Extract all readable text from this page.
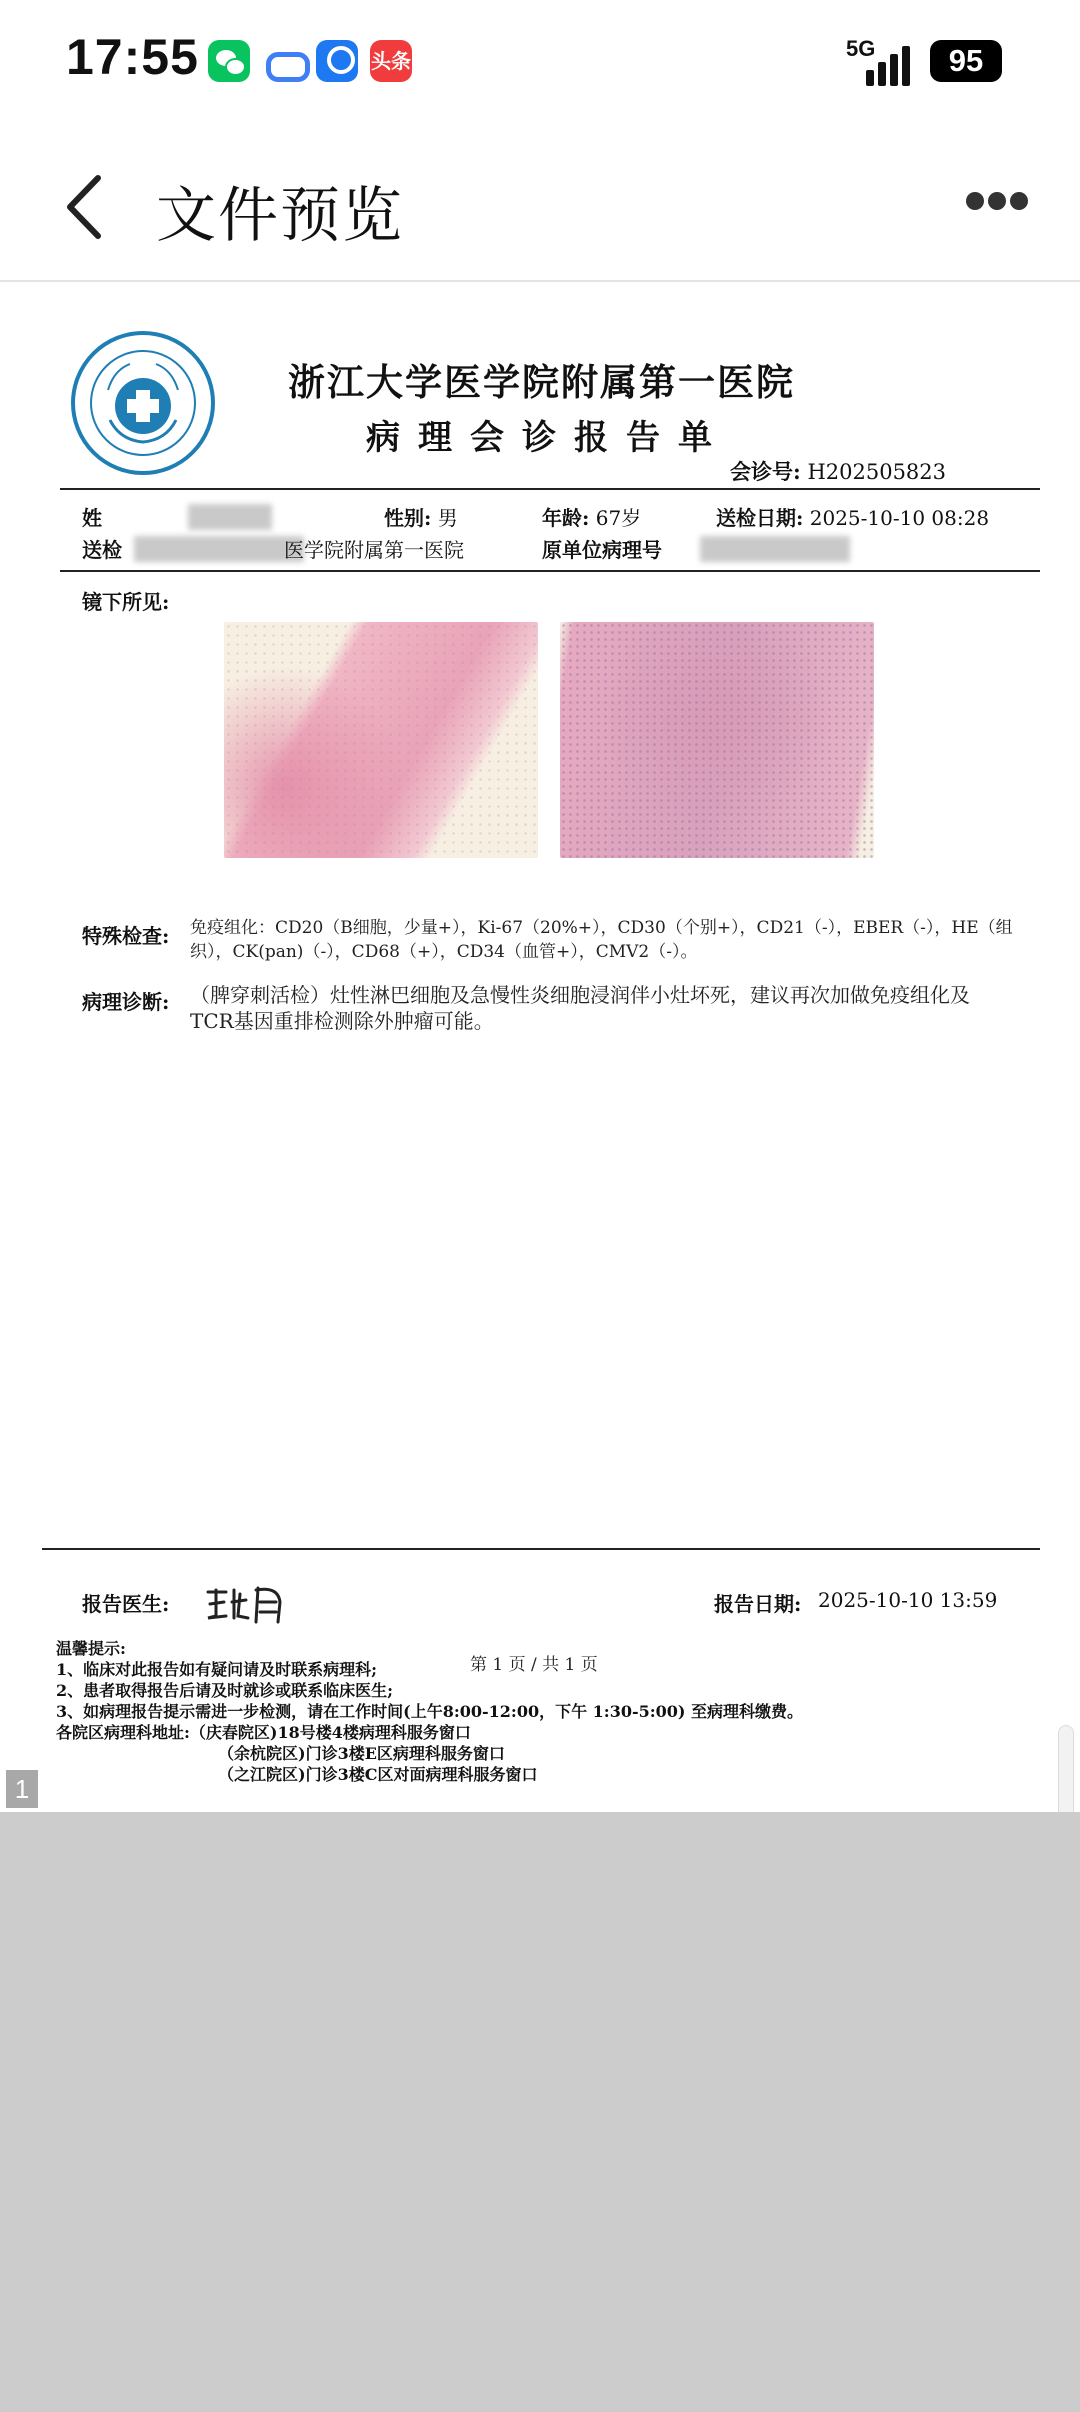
17:55	头条	5G	95
文件预览
浙江大学医学院附属第一医院
病理会诊报告单
会诊号: H202505823
姓	性别: 男	年龄: 67岁	送检日期: 2025-10-10 08:28
送检	医学院附属第一医院	原单位病理号
镜下所见:
特殊检查: 免疫组化：CD20（B细胞，少量+），Ki-67（20%+），CD30（个别+），CD21（-），EBER（-），HE（组
织），CK(pan)（-），CD68（+），CD34（血管+），CMV2（-）。
病理诊断: （脾穿刺活检）灶性淋巴细胞及急慢性炎细胞浸润伴小灶坏死，建议再次加做免疫组化及
TCR基因重排检测除外肿瘤可能。
报告医生:	报告日期: 2025-10-10 13:59
第 1 页 / 共 1 页
温馨提示:
1、临床对此报告如有疑问请及时联系病理科;
2、患者取得报告后请及时就诊或联系临床医生;
3、如病理报告提示需进一步检测，请在工作时间(上午8:00-12:00，下午 1:30-5:00) 至病理科缴费。
各院区病理科地址:（庆春院区)18号楼4楼病理科服务窗口
（余杭院区)门诊3楼E区病理科服务窗口
（之江院区)门诊3楼C区对面病理科服务窗口
1
